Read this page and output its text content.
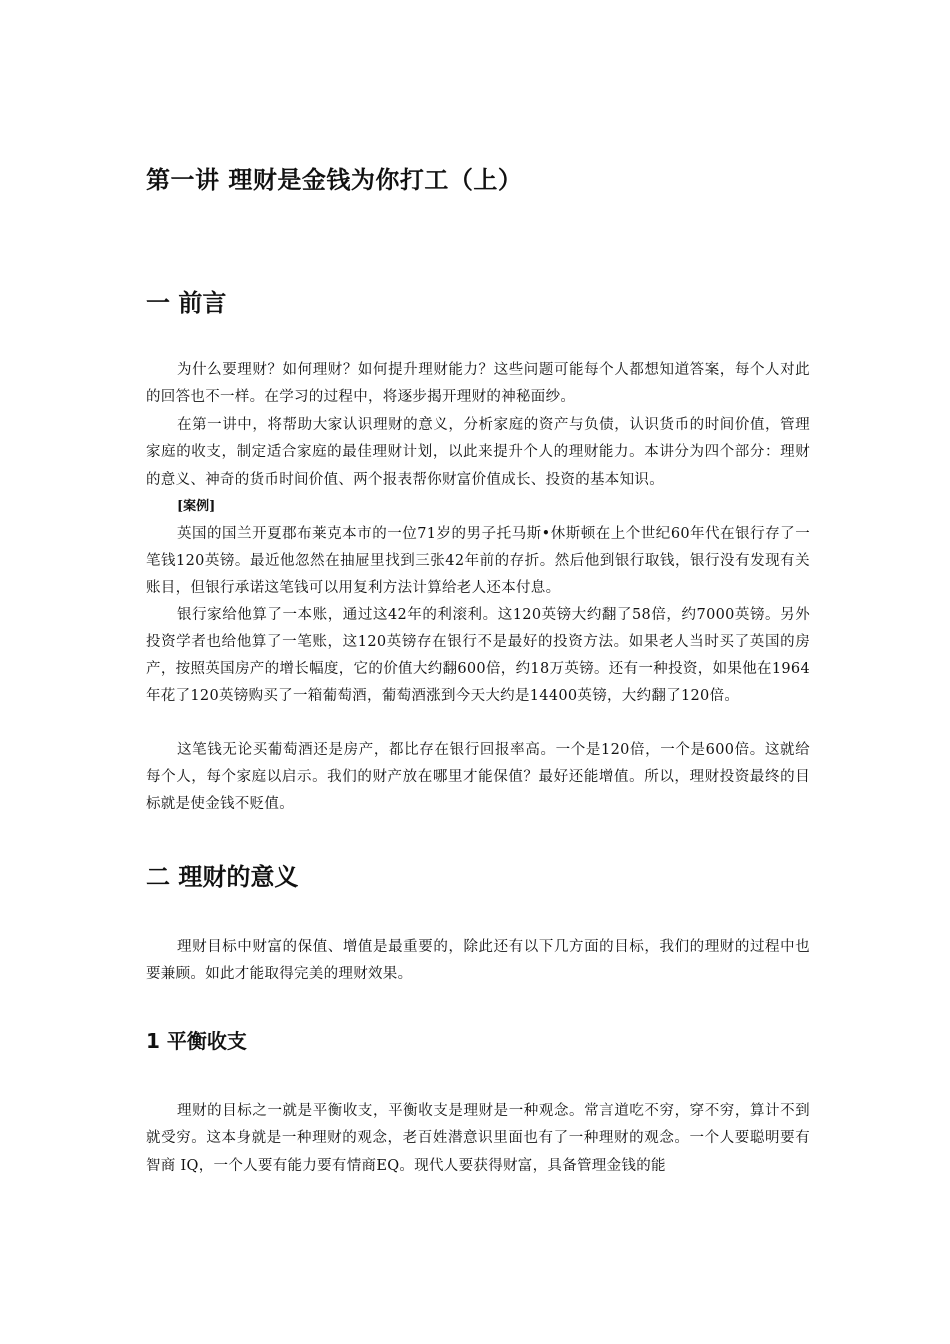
第一讲 理财是金钱为你打工（上）
一 前言

为什么要理财？如何理财？如何提升理财能力？这些问题可能每个人都想知道答案，每个人对此的回答也不一样。在学习的过程中，将逐步揭开理财的神秘面纱。

在第一讲中，将帮助大家认识理财的意义，分析家庭的资产与负债，认识货币的时间价值，管理家庭的收支，制定适合家庭的最佳理财计划，以此来提升个人的理财能力。本讲分为四个部分：理财的意义、神奇的货币时间价值、两个报表帮你财富价值成长、投资的基本知识。

[案例]

英国的国兰开夏郡布莱克本市的一位71岁的男子托马斯•休斯顿在上个世纪60年代在银行存了一笔钱120英镑。最近他忽然在抽屉里找到三张42年前的存折。然后他到银行取钱，银行没有发现有关账目，但银行承诺这笔钱可以用复利方法计算给老人还本付息。

银行家给他算了一本账，通过这42年的利滚利。这120英镑大约翻了58倍，约7000英镑。另外投资学者也给他算了一笔账，这120英镑存在银行不是最好的投资方法。如果老人当时买了英国的房产，按照英国房产的增长幅度，它的价值大约翻600倍，约18万英镑。还有一种投资，如果他在1964年花了120英镑购买了一箱葡萄酒，葡萄酒涨到今天大约是14400英镑，大约翻了120倍。

这笔钱无论买葡萄酒还是房产，都比存在银行回报率高。一个是120倍，一个是600倍。这就给每个人，每个家庭以启示。我们的财产放在哪里才能保值？最好还能增值。所以，理财投资最终的目标就是使金钱不贬值。

二 理财的意义

理财目标中财富的保值、增值是最重要的，除此还有以下几方面的目标，我们的理财的过程中也要兼顾。如此才能取得完美的理财效果。

1 平衡收支

理财的目标之一就是平衡收支，平衡收支是理财是一种观念。常言道吃不穷，穿不穷，算计不到就受穷。这本身就是一种理财的观念，老百姓潜意识里面也有了一种理财的观念。一个人要聪明要有智商 IQ，一个人要有能力要有情商EQ。现代人要获得财富，具备管理金钱的能
